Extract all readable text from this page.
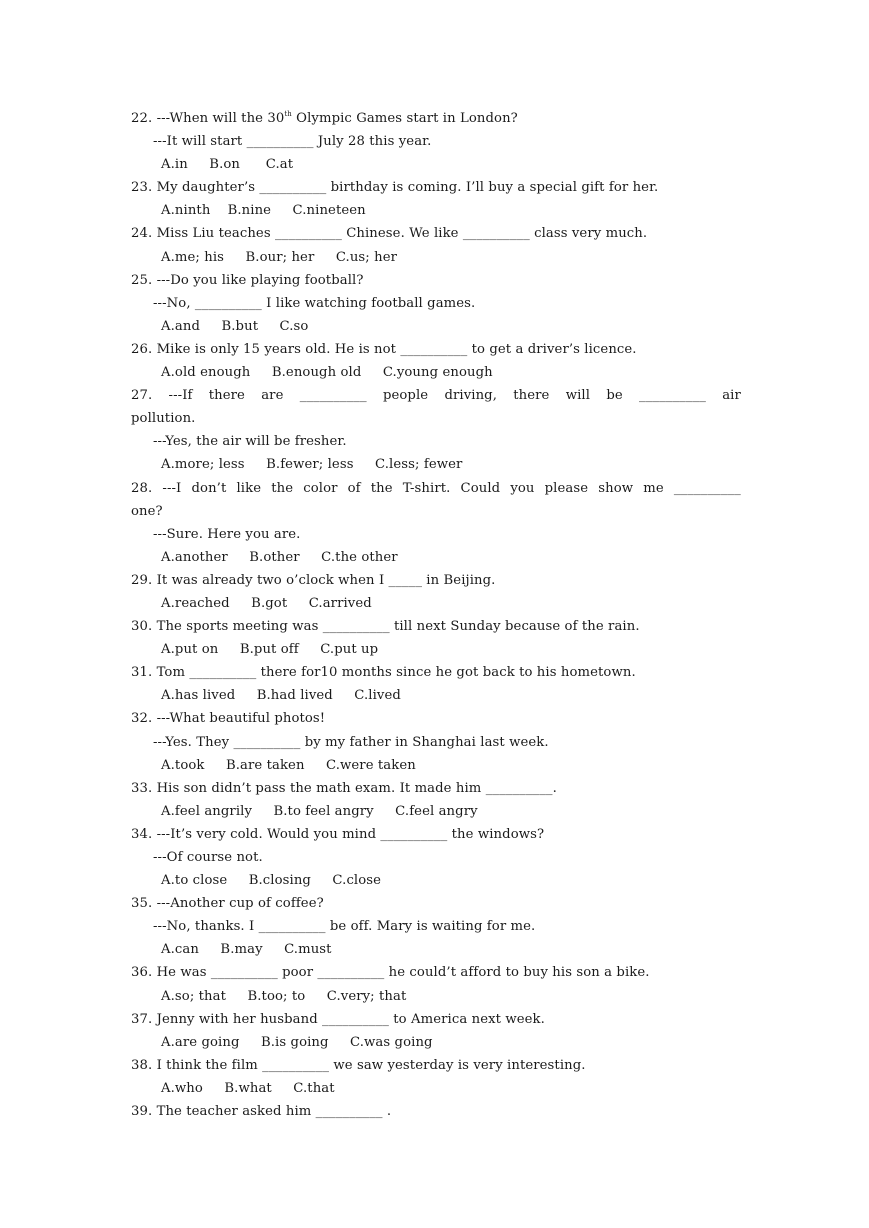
22. ---When will the 30th Olympic Games start in London?
---It will start __________ July 28 this year.
A.in     B.on      C.at
23. My daughter’s __________ birthday is coming. I’ll buy a special gift for her.
A.ninth    B.nine     C.nineteen
24. Miss Liu teaches __________ Chinese. We like __________ class very much.
A.me; his     B.our; her     C.us; her
25. ---Do you like playing football?
---No, __________ I like watching football games.
A.and     B.but     C.so
26. Mike is only 15 years old. He is not __________ to get a driver’s licence.
A.old enough     B.enough old     C.young enough
27. ---If there are __________ people driving, there will be __________ air
pollution.
---Yes, the air will be fresher.
A.more; less     B.fewer; less     C.less; fewer
28. ---I don’t like the color of the T-shirt. Could you please show me __________
one?
---Sure. Here you are.
A.another     B.other     C.the other
29. It was already two o’clock when I _____ in Beijing.
A.reached     B.got     C.arrived
30. The sports meeting was __________ till next Sunday because of the rain.
A.put on     B.put off     C.put up
31. Tom __________ there for10 months since he got back to his hometown.
A.has lived     B.had lived     C.lived
32. ---What beautiful photos!
---Yes. They __________ by my father in Shanghai last week.
A.took     B.are taken     C.were taken
33. His son didn’t pass the math exam. It made him __________.
A.feel angrily     B.to feel angry     C.feel angry
34. ---It’s very cold. Would you mind __________ the windows?
---Of course not.
A.to close     B.closing     C.close
35. ---Another cup of coffee?
---No, thanks. I __________ be off. Mary is waiting for me.
A.can     B.may     C.must
36. He was __________ poor __________ he could’t afford to buy his son a bike.
A.so; that     B.too; to     C.very; that
37. Jenny with her husband __________ to America next week.
A.are going     B.is going     C.was going
38. I think the film __________ we saw yesterday is very interesting.
A.who     B.what     C.that
39. The teacher asked him __________ .
